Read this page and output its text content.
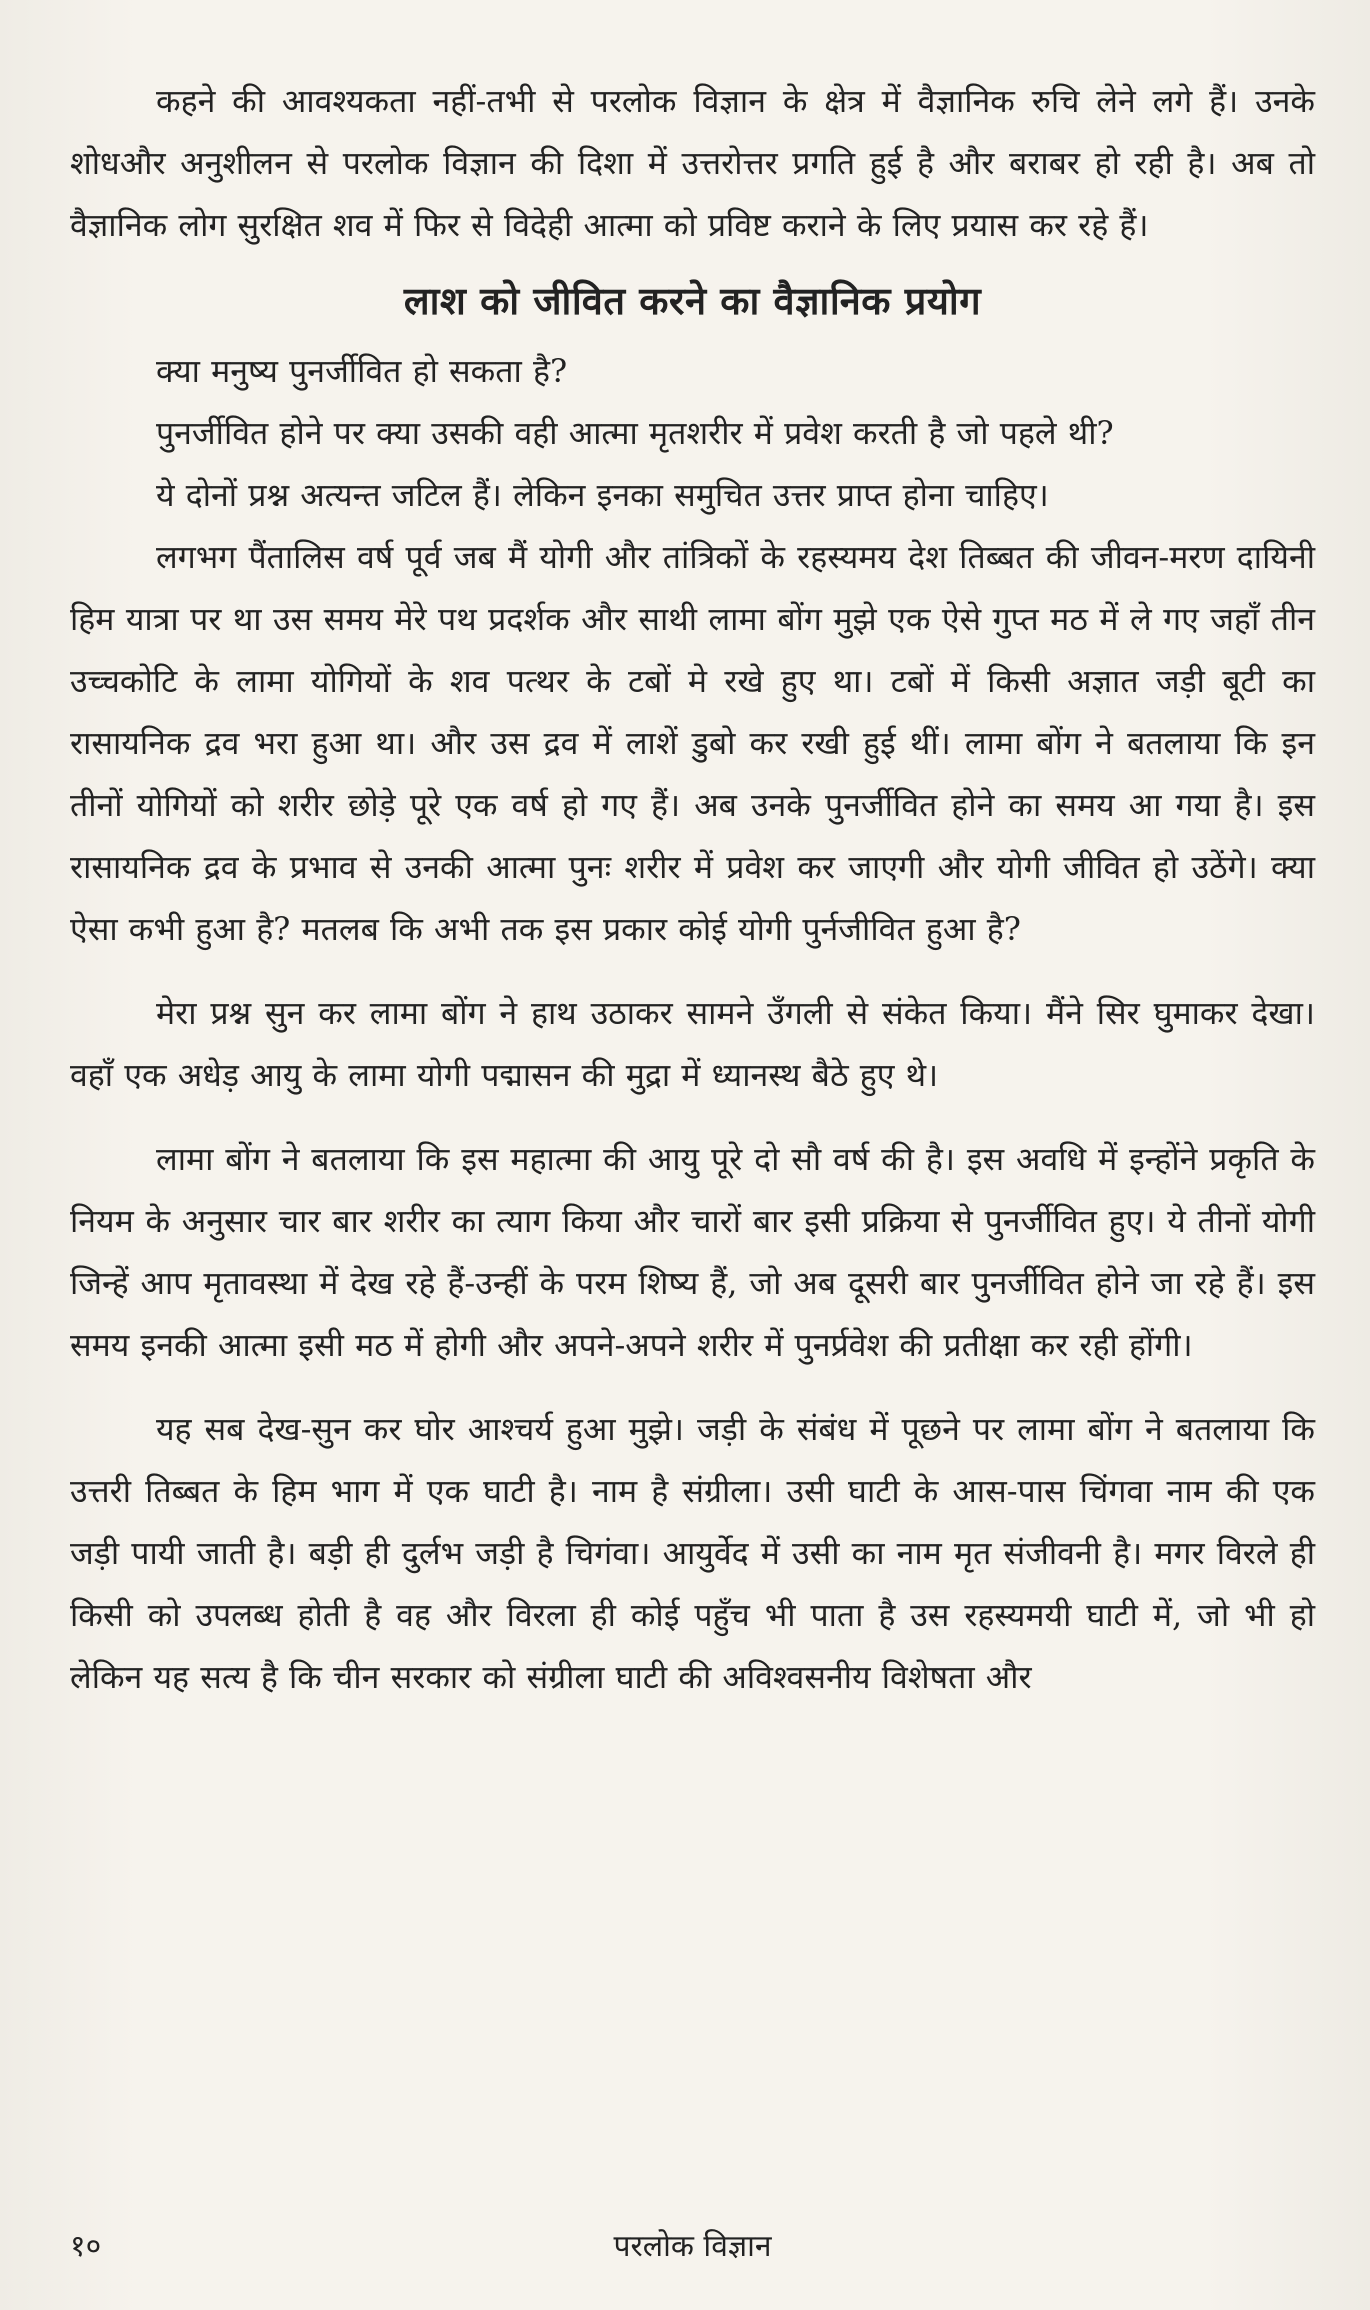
कहने की आवश्यकता नहीं-तभी से परलोक विज्ञान के क्षेत्र में वैज्ञानिक रुचि लेने लगे हैं। उनके शोधऔर अनुशीलन से परलोक विज्ञान की दिशा में उत्तरोत्तर प्रगति हुई है और बराबर हो रही है। अब तो वैज्ञानिक लोग सुरक्षित शव में फिर से विदेही आत्मा को प्रविष्ट कराने के लिए प्रयास कर रहे हैं।

लाश को जीवित करने का वैज्ञानिक प्रयोग

क्या मनुष्य पुनर्जीवित हो सकता है?

पुनर्जीवित होने पर क्या उसकी वही आत्मा मृतशरीर में प्रवेश करती है जो पहले थी?

ये दोनों प्रश्न अत्यन्त जटिल हैं। लेकिन इनका समुचित उत्तर प्राप्त होना चाहिए।

लगभग पैंतालिस वर्ष पूर्व जब मैं योगी और तांत्रिकों के रहस्यमय देश तिब्बत की जीवन-मरण दायिनी हिम यात्रा पर था उस समय मेरे पथ प्रदर्शक और साथी लामा बोंग मुझे एक ऐसे गुप्त मठ में ले गए जहाँ तीन उच्चकोटि के लामा योगियों के शव पत्थर के टबों मे रखे हुए था। टबों में किसी अज्ञात जड़ी बूटी का रासायनिक द्रव भरा हुआ था। और उस द्रव में लाशें डुबो कर रखी हुई थीं। लामा बोंग ने बतलाया कि इन तीनों योगियों को शरीर छोड़े पूरे एक वर्ष हो गए हैं। अब उनके पुनर्जीवित होने का समय आ गया है। इस रासायनिक द्रव के प्रभाव से उनकी आत्मा पुनः शरीर में प्रवेश कर जाएगी और योगी जीवित हो उठेंगे। क्या ऐसा कभी हुआ है? मतलब कि अभी तक इस प्रकार कोई योगी पुर्नजीवित हुआ है?

मेरा प्रश्न सुन कर लामा बोंग ने हाथ उठाकर सामने उँगली से संकेत किया। मैंने सिर घुमाकर देखा। वहाँ एक अधेड़ आयु के लामा योगी पद्मासन की मुद्रा में ध्यानस्थ बैठे हुए थे।

लामा बोंग ने बतलाया कि इस महात्मा की आयु पूरे दो सौ वर्ष की है। इस अवधि में इन्होंने प्रकृति के नियम के अनुसार चार बार शरीर का त्याग किया और चारों बार इसी प्रक्रिया से पुनर्जीवित हुए। ये तीनों योगी जिन्हें आप मृतावस्था में देख रहे हैं-उन्हीं के परम शिष्य हैं, जो अब दूसरी बार पुनर्जीवित होने जा रहे हैं। इस समय इनकी आत्मा इसी मठ में होगी और अपने-अपने शरीर में पुनर्प्रवेश की प्रतीक्षा कर रही होंगी।

यह सब देख-सुन कर घोर आश्चर्य हुआ मुझे। जड़ी के संबंध में पूछने पर लामा बोंग ने बतलाया कि उत्तरी तिब्बत के हिम भाग में एक घाटी है। नाम है संग्रीला। उसी घाटी के आस-पास चिंगवा नाम की एक जड़ी पायी जाती है। बड़ी ही दुर्लभ जड़ी है चिगंवा। आयुर्वेद में उसी का नाम मृत संजीवनी है। मगर विरले ही किसी को उपलब्ध होती है वह और विरला ही कोई पहुँच भी पाता है उस रहस्यमयी घाटी में, जो भी हो लेकिन यह सत्य है कि चीन सरकार को संग्रीला घाटी की अविश्वसनीय विशेषता और

१०	परलोक विज्ञान
